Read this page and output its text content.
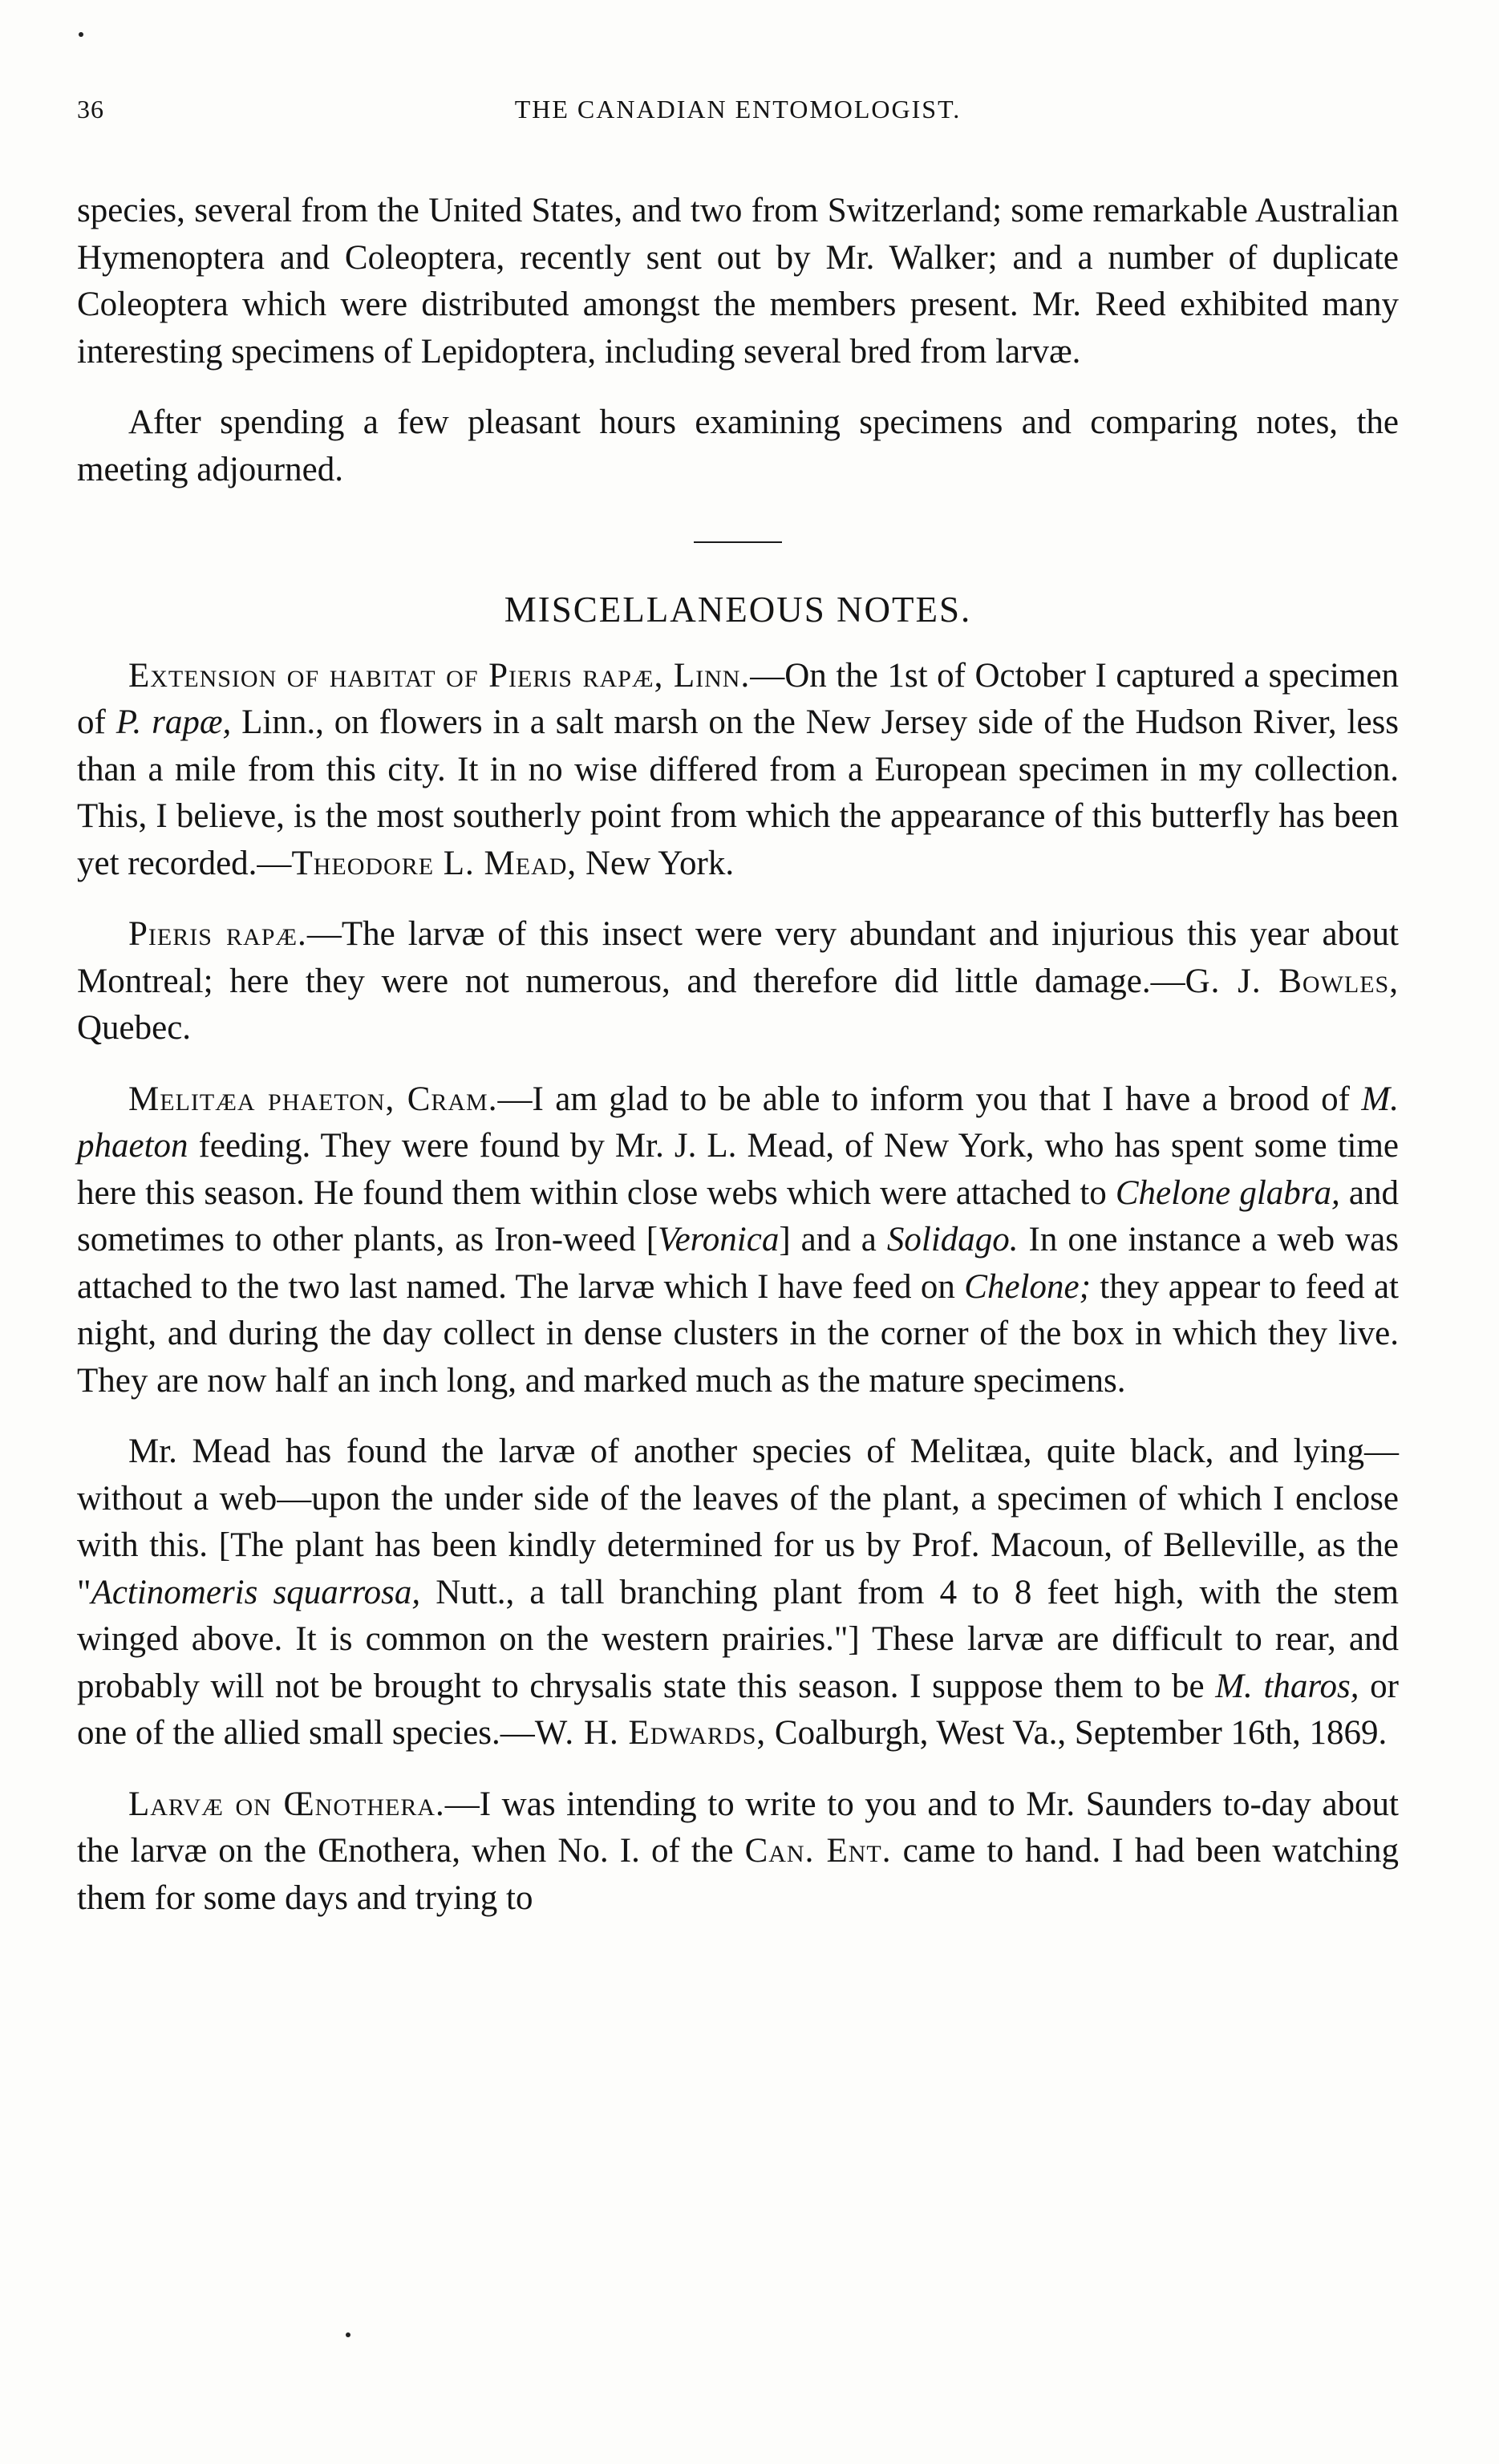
36	THE CANADIAN ENTOMOLOGIST.

species, several from the United States, and two from Switzerland; some remarkable Australian Hymenoptera and Coleoptera, recently sent out by Mr. Walker; and a number of duplicate Coleoptera which were distributed amongst the members present. Mr. Reed exhibited many interesting specimens of Lepidoptera, including several bred from larvæ.

After spending a few pleasant hours examining specimens and comparing notes, the meeting adjourned.

MISCELLANEOUS NOTES.

Extension of habitat of Pieris rapæ, Linn.—On the 1st of October I captured a specimen of P. rapæ, Linn., on flowers in a salt marsh on the New Jersey side of the Hudson River, less than a mile from this city. It in no wise differed from a European specimen in my collection. This, I believe, is the most southerly point from which the appearance of this butterfly has been yet recorded.—Theodore L. Mead, New York.

Pieris rapæ.—The larvæ of this insect were very abundant and injurious this year about Montreal; here they were not numerous, and therefore did little damage.—G. J. Bowles, Quebec.

Melitæa phaeton, Cram.—I am glad to be able to inform you that I have a brood of M. phaeton feeding. They were found by Mr. J. L. Mead, of New York, who has spent some time here this season. He found them within close webs which were attached to Chelone glabra, and sometimes to other plants, as Iron-weed [Veronica] and a Solidago. In one instance a web was attached to the two last named. The larvæ which I have feed on Chelone; they appear to feed at night, and during the day collect in dense clusters in the corner of the box in which they live. They are now half an inch long, and marked much as the mature specimens.

Mr. Mead has found the larvæ of another species of Melitæa, quite black, and lying—without a web—upon the under side of the leaves of the plant, a specimen of which I enclose with this. [The plant has been kindly determined for us by Prof. Macoun, of Belleville, as the "Actinomeris squarrosa, Nutt., a tall branching plant from 4 to 8 feet high, with the stem winged above. It is common on the western prairies."] These larvæ are difficult to rear, and probably will not be brought to chrysalis state this season. I suppose them to be M. tharos, or one of the allied small species.—W. H. Edwards, Coalburgh, West Va., September 16th, 1869.

Larvæ on Œnothera.—I was intending to write to you and to Mr. Saunders to-day about the larvæ on the Œnothera, when No. I. of the Can. Ent. came to hand. I had been watching them for some days and trying to
